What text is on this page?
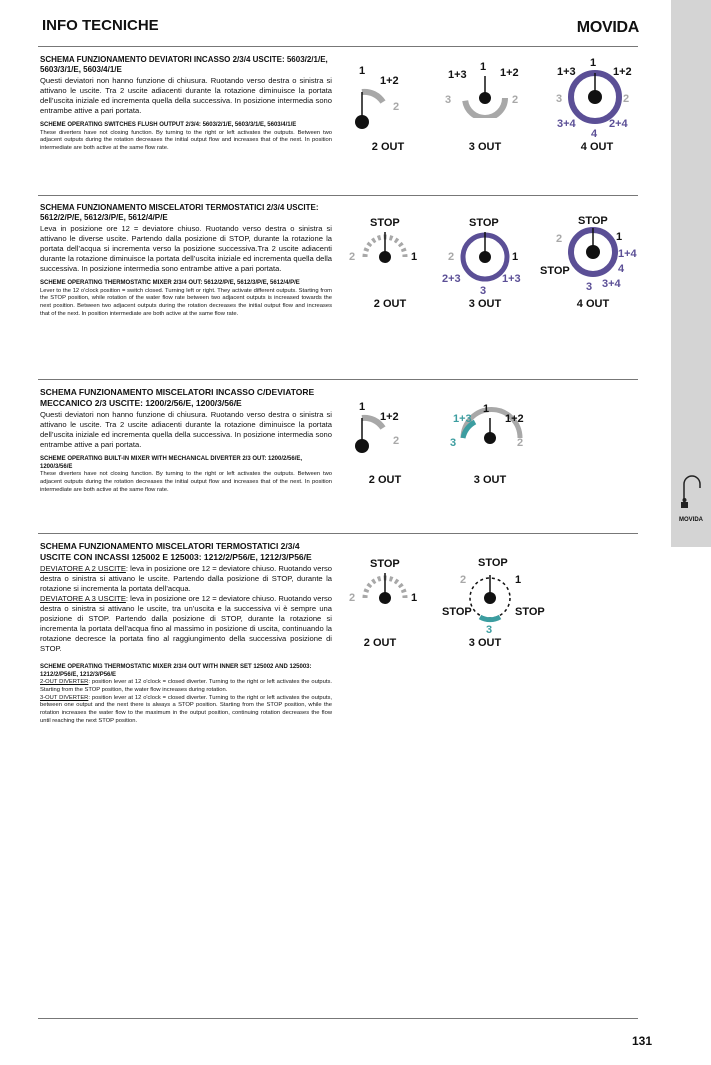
MOVIDA
INFO TECNICHE	MOVIDA
SCHEMA FUNZIONAMENTO DEVIATORI INCASSO 2/3/4 USCITE: 5603/2/1/E, 5603/3/1/E, 5603/4/1/E
Questi deviatori non hanno funzione di chiusura. Ruotando verso destra o sinistra si attivano le uscite. Tra 2 uscite adiacenti durante la rotazione diminuisce la portata dell’uscita iniziale ed incrementa quella della successiva. In posizione intermedia sono entrambe attive a pari portata.
SCHEME OPERATING SWITCHES FLUSH OUTPUT 2/3/4: 5603/2/1/E, 5603/3/1/E, 5603/4/1/E
These diverters have not closing function. By turning to the right or left activates the outputs. Between two adjacent outputs during the rotation decreases the initial output flow and increases that of the next. In position intermediate are both active at the same flow rate.
SCHEMA FUNZIONAMENTO MISCELATORI TERMOSTATICI 2/3/4 USCITE: 5612/2/P/E, 5612/3/P/E, 5612/4/P/E
Leva in posizione ore 12 = deviatore chiuso. Ruotando verso destra o sinistra si attivano le diverse uscite. Partendo dalla posizione di STOP, durante la rotazione la portata dell’acqua si incrementa verso la posizione successiva.Tra 2 uscite adiacenti durante la rotazione diminuisce la portata dell’uscita iniziale ed incrementa quella della successiva. In posizione intermedia sono entrambe attive a pari portata.
SCHEME OPERATING THERMOSTATIC MIXER 2/3/4 OUT: 5612/2/P/E, 5612/3/P/E, 5612/4/P/E
Lever to the 12 o'clock position = switch closed. Turning left or right. They activate different outputs. Starting from the STOP position, while rotation of the water flow rate between two adjacent outputs is increased towards the next position. Between two adjacent outputs during the rotation decreases the initial output flow and increases that of the next. In position intermediate are both active at the same flow rate.
SCHEMA FUNZIONAMENTO MISCELATORI INCASSO C/DEVIATORE MECCANICO 2/3 USCITE: 1200/2/56/E, 1200/3/56/E
Questi deviatori non hanno funzione di chiusura. Ruotando verso destra o sinistra si attivano le uscite. Tra 2 uscite adiacenti durante la rotazione diminuisce la portata dell’uscita iniziale ed incrementa quella della successiva. In posizione intermedia sono entrambe attive a pari portata.
SCHEME OPERATING BUILT-IN MIXER WITH MECHANICAL DIVERTER 2/3 OUT: 1200/2/56/E, 1200/3/56/E
These diverters have not closing function. By turning to the right or left activates the outputs. Between two adjacent outputs during the rotation decreases the initial output flow and increases that of the next. In position intermediate are both active at the same flow rate.
SCHEMA FUNZIONAMENTO MISCELATORI TERMOSTATICI 2/3/4 USCITE CON INCASSI 125002 E 125003: 1212/2/P56/E, 1212/3/P56/E
DEVIATORE A 2 USCITE: leva in posizione ore 12 = deviatore chiuso. Ruotando verso destra o sinistra si attivano le uscite. Partendo dalla posizione di STOP, durante la rotazione si incrementa la portata dell’acqua.
DEVIATORE A 3 USCITE: leva in posizione ore 12 = deviatore chiuso. Ruotando verso destra o sinistra si attivano le uscite, tra un’uscita e la successiva vi è sempre una posizione di STOP. Partendo dalla posizione di STOP, durante la rotazione si incrementa la portata dell’acqua fino al massimo in posizione di uscita, continuando la rotazione decresce la portata fino al raggiungimento della successiva posizione di STOP.
SCHEME OPERATING THERMOSTATIC MIXER 2/3/4 OUT WITH INNER SET 125002 AND 125003: 1212/2/P56/E, 1212/3/P56/E
2-OUT DIVERTER: position lever at 12 o'clock = closed diverter. Turning to the right or left activates the outputs. Starting from the STOP position, the water flow increases during rotation.
3-OUT DIVERTER: position lever at 12 o'clock = closed diverter. Turning to the right or left activates the outputs, between one output and the next there is always a STOP position. Starting from the STOP position, while the rotation increases the water flow to the maximum in the output position, continuing rotation decreases the flow until reaching the next STOP position.
1
1+2
2
1
1+3	1+2
3	2
1
1+3	1+2
3	2
3+4	2+4
4
2 OUT	3 OUT	4 OUT
STOP
2	1
STOP
2	1
2+3	1+3
3
STOP
2	1
1+4
STOP	4
3+4
3
2 OUT	3 OUT	4 OUT
1
1+2
2
1
1+3	1+2
3	2
2 OUT	3 OUT
STOP
2	1
STOP
2	1
STOP	STOP
3
2 OUT	3 OUT
131
